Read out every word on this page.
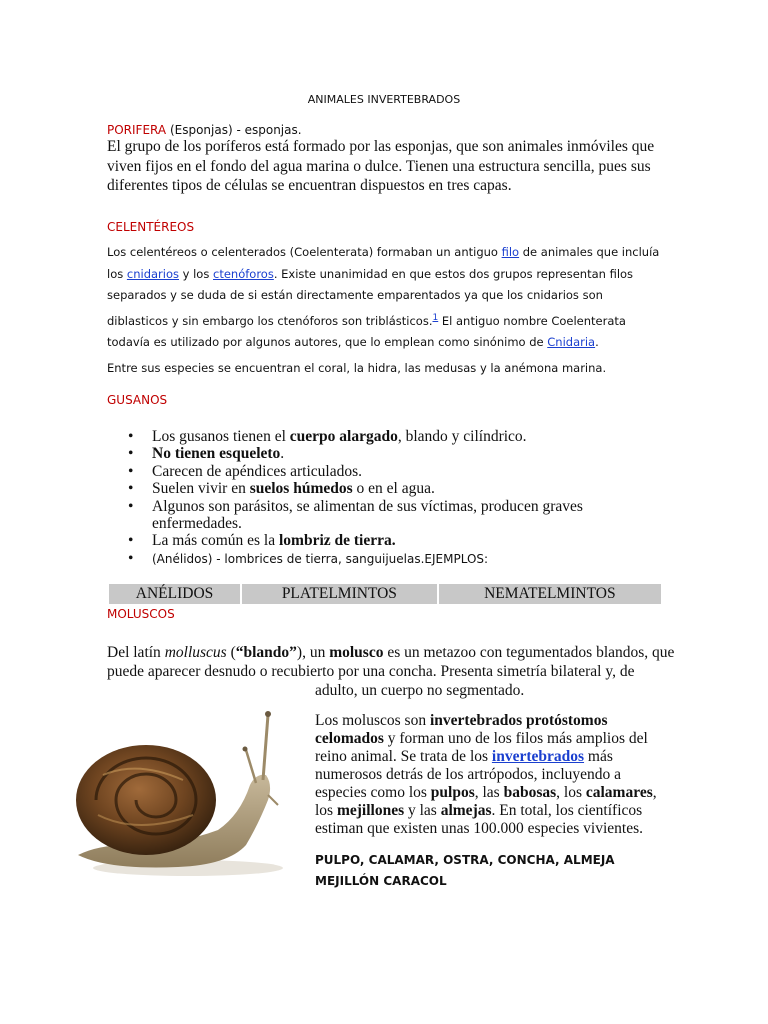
ANIMALES INVERTEBRADOS
PORIFERA (Esponjas) - esponjas.
El grupo de los poríferos está formado por las esponjas, que son animales inmóviles que
viven fijos en el fondo del agua marina o dulce. Tienen una estructura sencilla, pues sus
diferentes tipos de células se encuentran dispuestos en tres capas.
CELENTÉREOS
Los celentéreos o celenterados (Coelenterata) formaban un antiguo filo de animales que incluía los cnidarios y los ctenóforos. Existe unanimidad en que estos dos grupos representan filos separados y se duda de si están directamente emparentados ya que los cnidarios son diblasticos y sin embargo los ctenóforos son triblásticos.$^1$ El antiguo nombre Coelenterata todavía es utilizado por algunos autores, que lo emplean como sinónimo de Cnidaria.
Entre sus especies se encuentran el coral, la hidra, las medusas y la anémona marina.
GUSANOS
• Los gusanos tienen el cuerpo alargado, blando y cilíndrico.
• No tienen esqueleto.
• Carecen de apéndices articulados.
• Suelen vivir en suelos húmedos o en el agua.
• Algunos son parásitos, se alimentan de sus víctimas, producen graves enfermedades.
• La más común es la lombriz de tierra.
• (Anélidos) - lombrices de tierra, sanguijuelas.EJEMPLOS:
ANÉLIDOS	PLATELMINTOS	NEMATELMINTOS
MOLUSCOS
Del latín molluscus (“blando”), un molusco es un metazoo con tegumentados blandos, que
puede aparecer desnudo o recubierto por una concha. Presenta simetría bilateral y, de
adulto, un cuerpo no segmentado.
Los moluscos son invertebrados protóstomos celomados y forman uno de los filos más amplios del reino animal. Se trata de los invertebrados más numerosos detrás de los artrópodos, incluyendo a especies como los pulpos, las babosas, los calamares, los mejillones y las almejas. En total, los científicos estiman que existen unas 100.000 especies vivientes.
PULPO, CALAMAR, OSTRA, CONCHA, ALMEJA MEJILLÓN CARACOL
